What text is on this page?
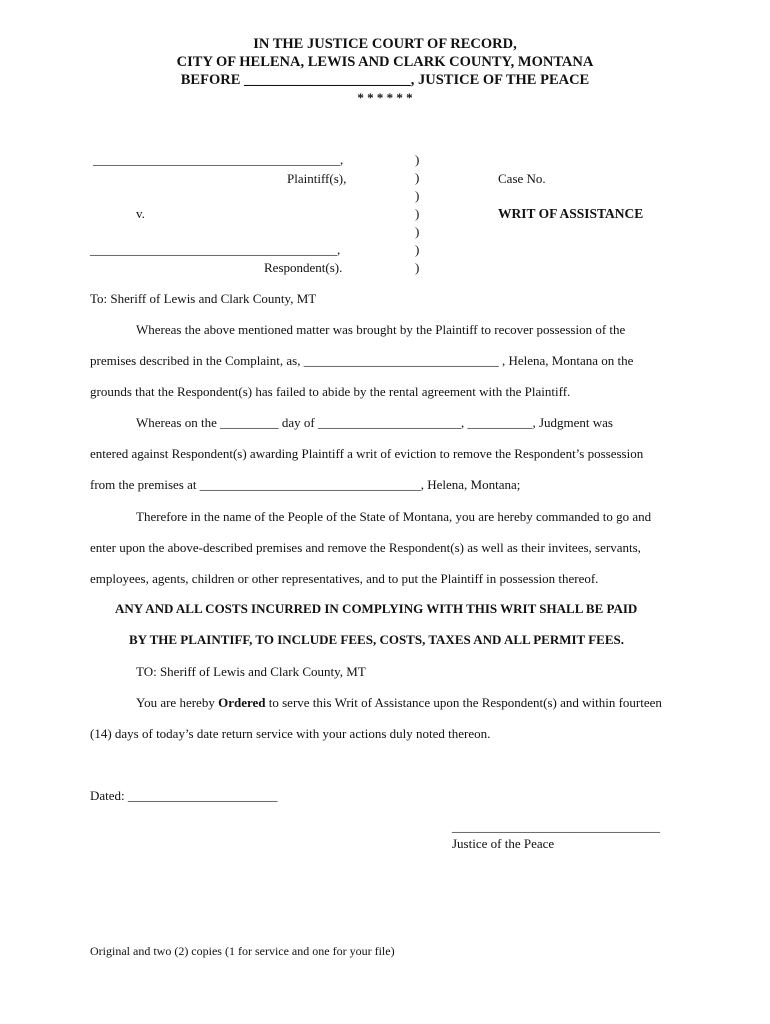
IN THE JUSTICE COURT OF RECORD,
CITY OF HELENA, LEWIS AND CLARK COUNTY, MONTANA
BEFORE _______________________, JUSTICE OF THE PEACE
* * * * * *
______________________________________,
Plaintiff(s),
v.
______________________________________,
Respondent(s).
)
)
)
)
)
)
)
Case No.
WRIT OF ASSISTANCE
To: Sheriff of Lewis and Clark County, MT
Whereas the above mentioned matter was brought by the Plaintiff to recover possession of the
premises described in the Complaint, as, ______________________________ , Helena, Montana on the
grounds that the Respondent(s) has failed to abide by the rental agreement with the Plaintiff.
Whereas on the _________ day of ______________________, __________, Judgment was
entered against Respondent(s) awarding Plaintiff a writ of eviction to remove the Respondent’s possession
from the premises at __________________________________, Helena, Montana;
Therefore in the name of the People of the State of Montana, you are hereby commanded to go and
enter upon the above-described premises and remove the Respondent(s) as well as their invitees, servants,
employees, agents, children or other representatives, and to put the Plaintiff in possession thereof.
ANY AND ALL COSTS INCURRED IN COMPLYING WITH THIS WRIT SHALL BE PAID
BY THE PLAINTIFF, TO INCLUDE FEES, COSTS, TAXES AND ALL PERMIT FEES.
TO: Sheriff of Lewis and Clark County, MT
You are hereby Ordered to serve this Writ of Assistance upon the Respondent(s) and within fourteen
(14) days of today’s date return service with your actions duly noted thereon.
Dated: _______________________
________________________________
Justice of the Peace
Original and two (2) copies (1 for service and one for your file)
